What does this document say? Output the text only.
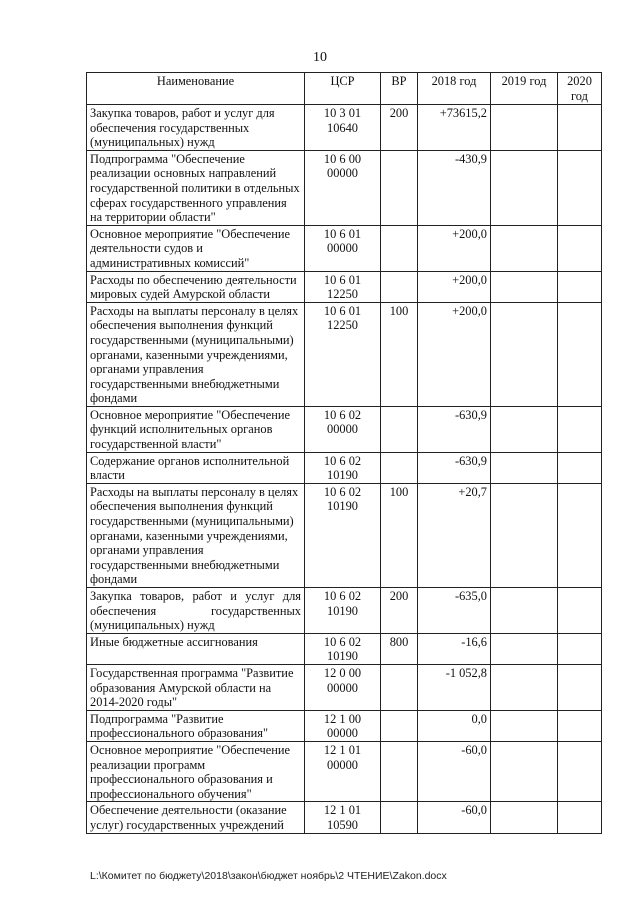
10
Наименование	ЦСР	ВР	2018 год	2019 год	2020 год
Закупка товаров, работ и услуг для обеспечения государственных (муниципальных) нужд	10 3 01 10640	200	+73615,2		
Подпрограмма "Обеспечение реализации основных направлений государственной политики в отдельных сферах государственного управления на территории области"	10 6 00 00000		-430,9		
Основное мероприятие "Обеспечение деятельности судов и административных комиссий"	10 6 01 00000		+200,0		
Расходы по обеспечению деятельности мировых судей Амурской области	10 6 01 12250		+200,0		
Расходы на выплаты персоналу в целях обеспечения выполнения функций государственными (муниципальными) органами, казенными учреждениями, органами управления государственными внебюджетными фондами	10 6 01 12250	100	+200,0		
Основное мероприятие "Обеспечение функций исполнительных органов государственной власти"	10 6 02 00000		-630,9		
Содержание органов исполнительной власти	10 6 02 10190		-630,9		
Расходы на выплаты персоналу в целях обеспечения выполнения функций государственными (муниципальными) органами, казенными учреждениями, органами управления государственными внебюджетными фондами	10 6 02 10190	100	+20,7		
Закупка товаров, работ и услуг для обеспечения государственных (муниципальных) нужд	10 6 02 10190	200	-635,0		
Иные бюджетные ассигнования	10 6 02 10190	800	-16,6		
Государственная программа "Развитие образования Амурской области на 2014-2020 годы"	12 0 00 00000		-1 052,8		
Подпрограмма "Развитие профессионального образования"	12 1 00 00000		0,0		
Основное мероприятие "Обеспечение реализации программ профессионального образования и профессионального обучения"	12 1 01 00000		-60,0		
Обеспечение деятельности (оказание услуг) государственных учреждений	12 1 01 10590		-60,0		
L:\Комитет по бюджету\2018\закон\бюджет ноябрь\2 ЧТЕНИЕ\Zakon.docx
